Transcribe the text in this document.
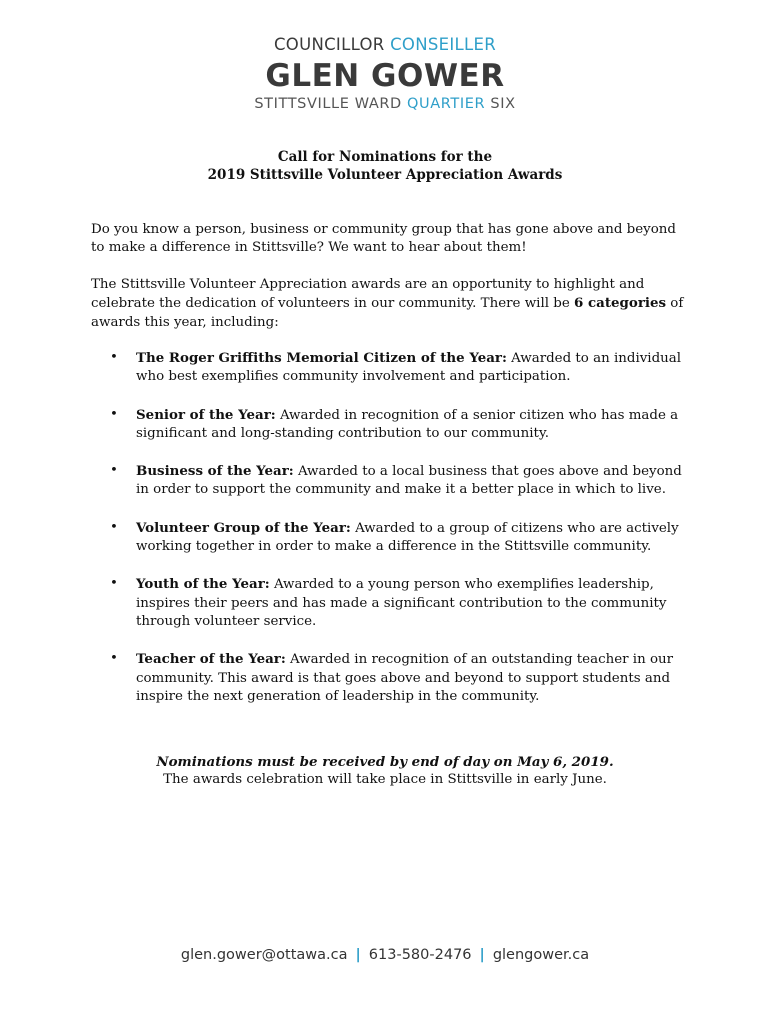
COUNCILLOR CONSEILLER
GLEN GOWER
STITTSVILLE WARD QUARTIER SIX
Call for Nominations for the
2019 Stittsville Volunteer Appreciation Awards
Do you know a person, business or community group that has gone above and beyond to make a difference in Stittsville? We want to hear about them!
The Stittsville Volunteer Appreciation awards are an opportunity to highlight and celebrate the dedication of volunteers in our community. There will be 6 categories of awards this year, including:
• The Roger Griffiths Memorial Citizen of the Year: Awarded to an individual who best exemplifies community involvement and participation.
• Senior of the Year: Awarded in recognition of a senior citizen who has made a significant and long-standing contribution to our community.
• Business of the Year: Awarded to a local business that goes above and beyond in order to support the community and make it a better place in which to live.
• Volunteer Group of the Year: Awarded to a group of citizens who are actively working together in order to make a difference in the Stittsville community.
• Youth of the Year: Awarded to a young person who exemplifies leadership, inspires their peers and has made a significant contribution to the community through volunteer service.
• Teacher of the Year: Awarded in recognition of an outstanding teacher in our community. This award is that goes above and beyond to support students and inspire the next generation of leadership in the community.
Nominations must be received by end of day on May 6, 2019.
The awards celebration will take place in Stittsville in early June.
glen.gower@ottawa.ca | 613-580-2476 | glengower.ca
